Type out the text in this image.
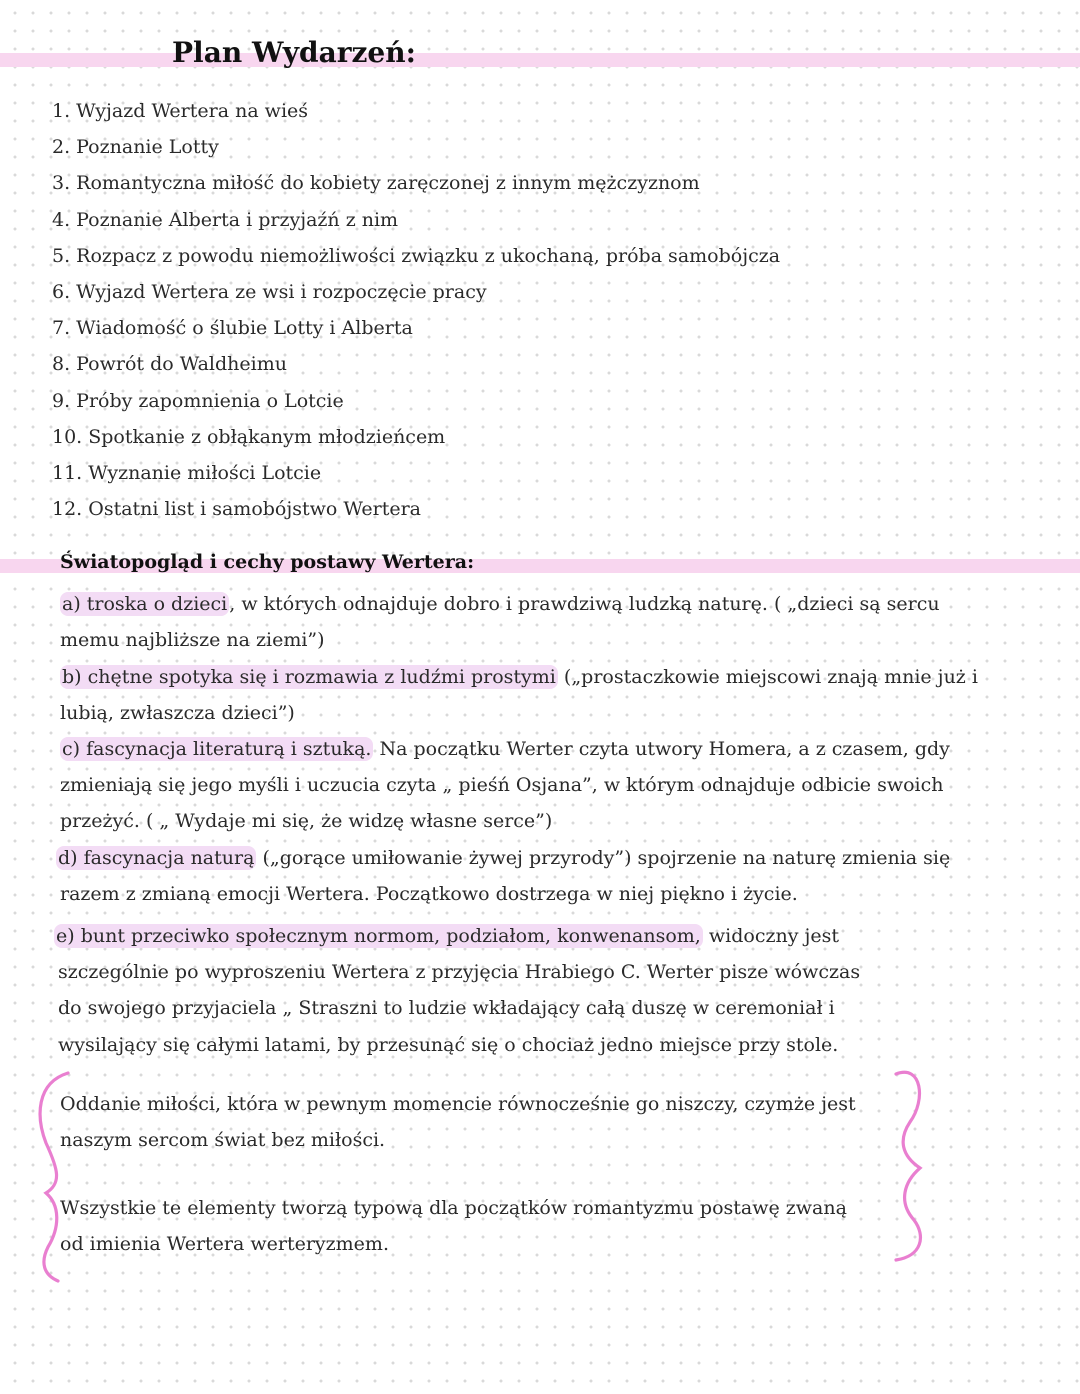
Plan Wydarzeń:
1. Wyjazd Wertera na wieś
2. Poznanie Lotty
3. Romantyczna miłość do kobiety zaręczonej z innym mężczyznom
4. Poznanie Alberta i przyjaźń z nim
5. Rozpacz z powodu niemożliwości związku z ukochaną, próba samobójcza
6. Wyjazd Wertera ze wsi i rozpoczęcie pracy
7. Wiadomość o ślubie Lotty i Alberta
8. Powrót do Waldheimu
9. Próby zapomnienia o Lotcie
10. Spotkanie z obłąkanym młodzieńcem
11. Wyznanie miłości Lotcie
12. Ostatni list i samobójstwo Wertera
Światopogląd i cechy postawy Wertera:
a) troska o dzieci , w których odnajduje dobro i prawdziwą ludzką naturę. ( „dzieci są sercu
memu najbliższe na ziemi”)
b) chętne spotyka się i rozmawia z ludźmi prostymi („prostaczkowie miejscowi znają mnie już i
lubią, zwłaszcza dzieci”)
c) fascynacja literaturą i sztuką. Na początku Werter czyta utwory Homera, a z czasem, gdy
zmieniają się jego myśli i uczucia czyta „ pieśń Osjana”, w którym odnajduje odbicie swoich
przeżyć. ( „ Wydaje mi się, że widzę własne serce”)
d) fascynacja naturą („gorące umiłowanie żywej przyrody”) spojrzenie na naturę zmienia się
razem z zmianą emocji Wertera. Początkowo dostrzega w niej piękno i życie.
e) bunt przeciwko społecznym normom, podziałom, konwenansom, widoczny jest
szczególnie po wyproszeniu Wertera z przyjęcia Hrabiego C. Werter pisze wówczas
do swojego przyjaciela „ Straszni to ludzie wkładający całą duszę w ceremoniał i
wysilający się całymi latami, by przesunąć się o chociaż jedno miejsce przy stole.
Oddanie miłości, która w pewnym momencie równocześnie go niszczy, czymże jest
naszym sercom świat bez miłości.
Wszystkie te elementy tworzą typową dla początków romantyzmu postawę zwaną
od imienia Wertera werteryzmem.
